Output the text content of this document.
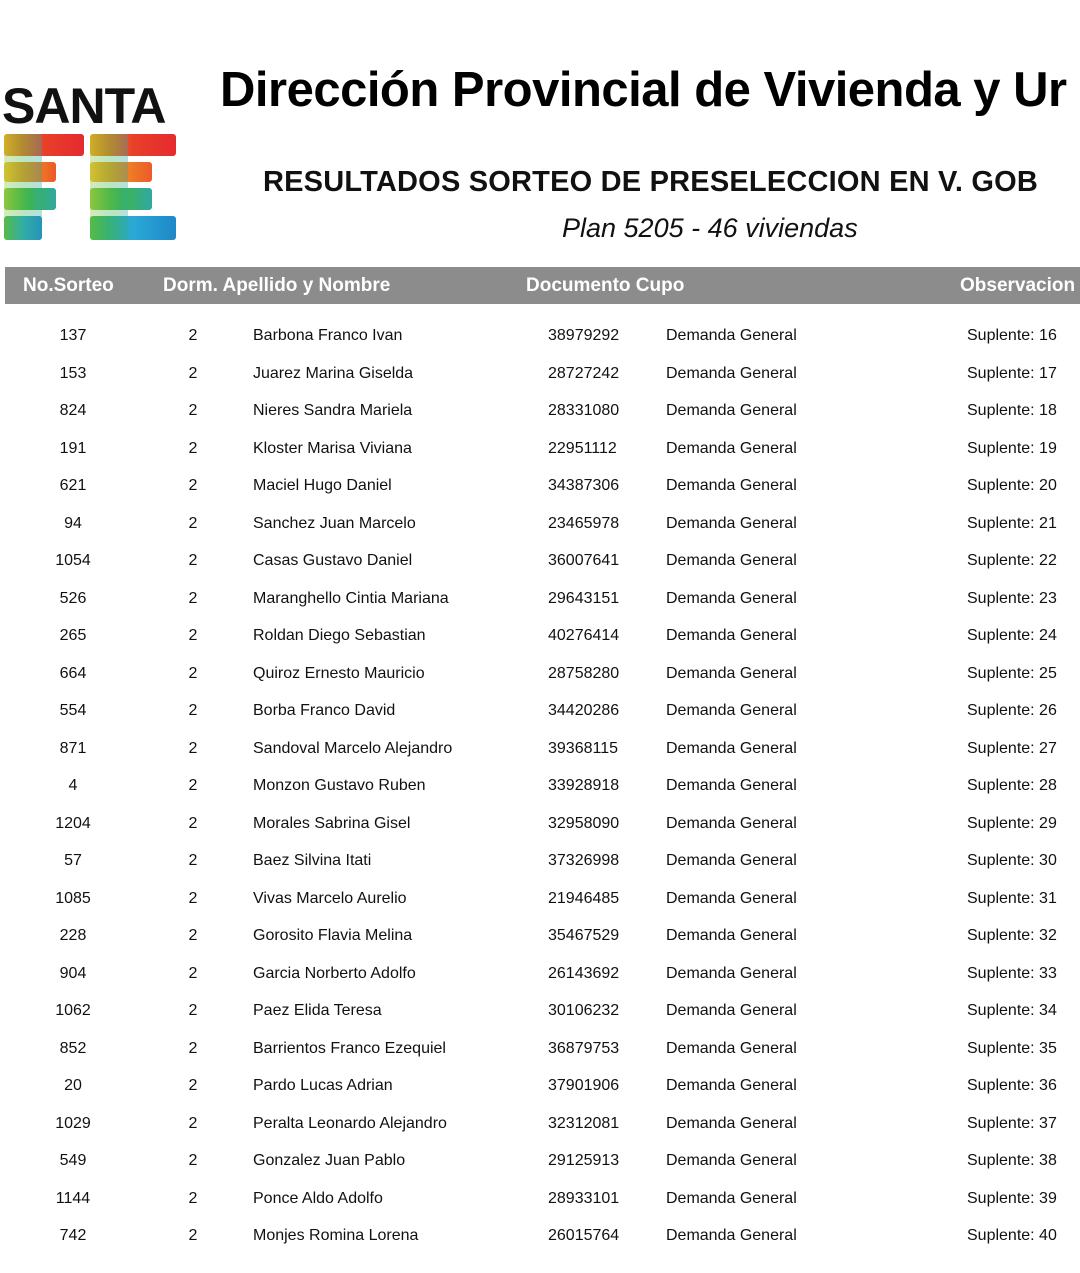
SANTA Dirección Provincial de Vivienda y Ur
RESULTADOS SORTEO DE PRESELECCION EN V. GOB
Plan 5205 - 46 viviendas
No.Sorteo	Dorm. Apellido y Nombre	Documento Cupo	Observacion
137	2	Barbona Franco Ivan	38979292	Demanda General	Suplente: 16
153	2	Juarez Marina Giselda	28727242	Demanda General	Suplente: 17
824	2	Nieres Sandra Mariela	28331080	Demanda General	Suplente: 18
191	2	Kloster Marisa Viviana	22951112	Demanda General	Suplente: 19
621	2	Maciel Hugo Daniel	34387306	Demanda General	Suplente: 20
94	2	Sanchez Juan Marcelo	23465978	Demanda General	Suplente: 21
1054	2	Casas Gustavo Daniel	36007641	Demanda General	Suplente: 22
526	2	Maranghello Cintia Mariana	29643151	Demanda General	Suplente: 23
265	2	Roldan Diego Sebastian	40276414	Demanda General	Suplente: 24
664	2	Quiroz Ernesto Mauricio	28758280	Demanda General	Suplente: 25
554	2	Borba Franco David	34420286	Demanda General	Suplente: 26
871	2	Sandoval Marcelo Alejandro	39368115	Demanda General	Suplente: 27
4	2	Monzon Gustavo Ruben	33928918	Demanda General	Suplente: 28
1204	2	Morales Sabrina Gisel	32958090	Demanda General	Suplente: 29
57	2	Baez Silvina Itati	37326998	Demanda General	Suplente: 30
1085	2	Vivas Marcelo Aurelio	21946485	Demanda General	Suplente: 31
228	2	Gorosito Flavia Melina	35467529	Demanda General	Suplente: 32
904	2	Garcia Norberto Adolfo	26143692	Demanda General	Suplente: 33
1062	2	Paez Elida Teresa	30106232	Demanda General	Suplente: 34
852	2	Barrientos Franco Ezequiel	36879753	Demanda General	Suplente: 35
20	2	Pardo Lucas Adrian	37901906	Demanda General	Suplente: 36
1029	2	Peralta Leonardo Alejandro	32312081	Demanda General	Suplente: 37
549	2	Gonzalez Juan Pablo	29125913	Demanda General	Suplente: 38
1144	2	Ponce Aldo Adolfo	28933101	Demanda General	Suplente: 39
742	2	Monjes Romina Lorena	26015764	Demanda General	Suplente: 40
